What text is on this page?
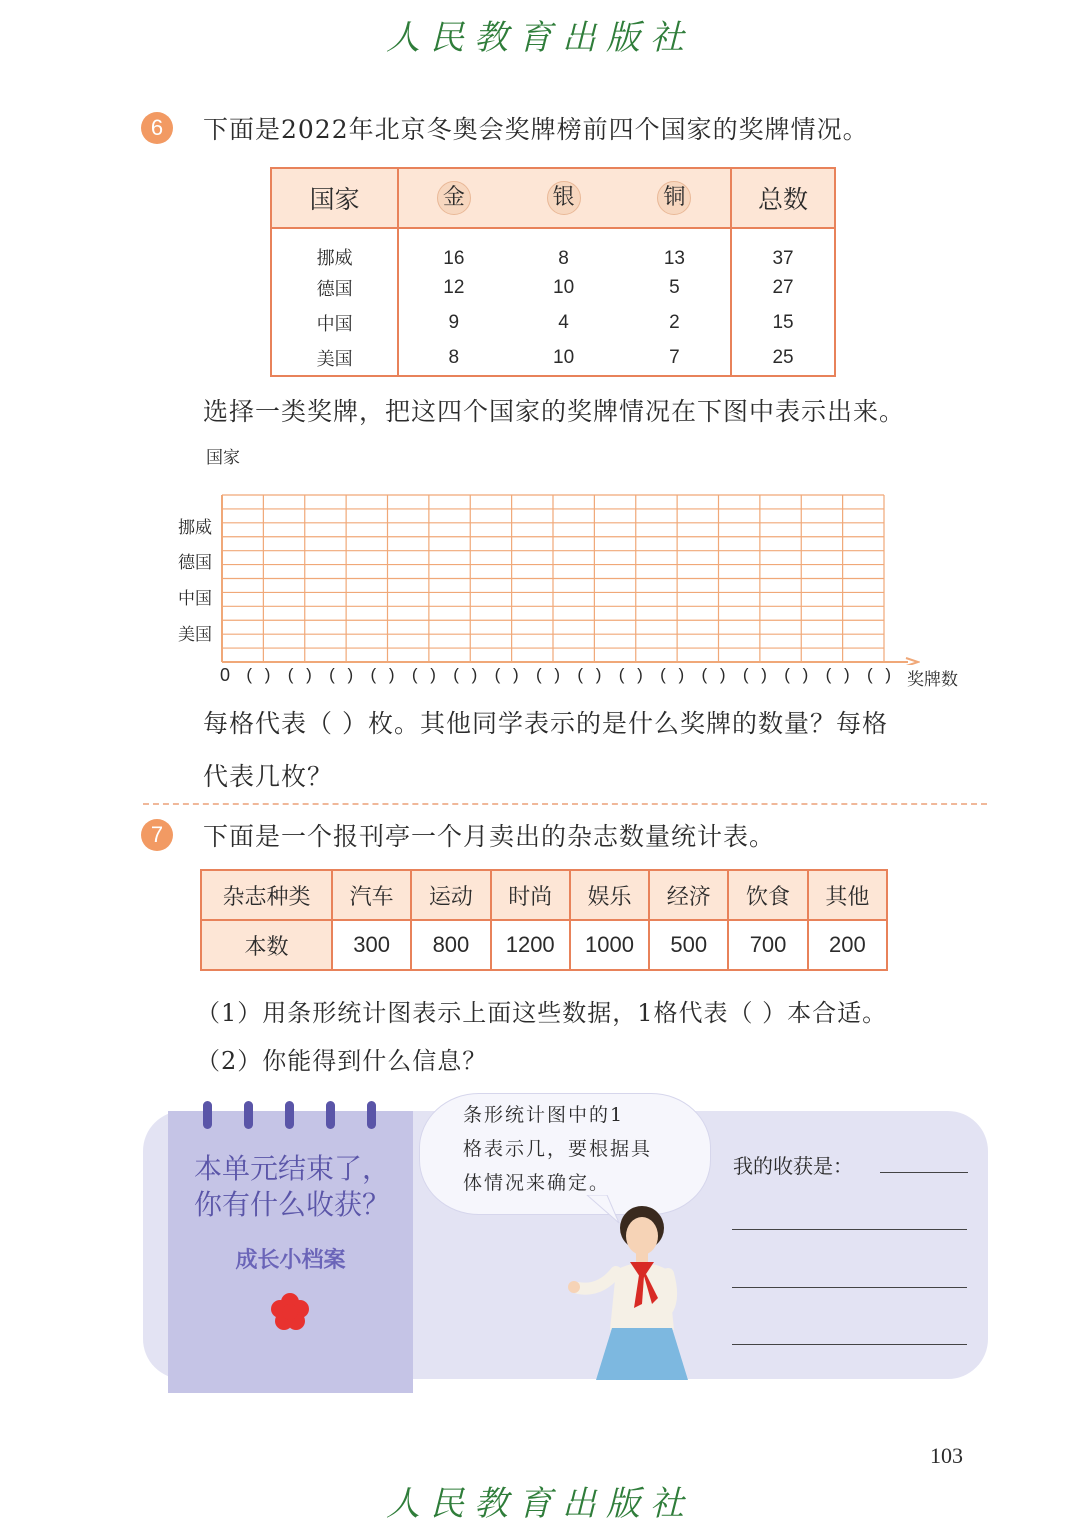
人民教育出版社
6	下面是2022年北京冬奥会奖牌榜前四个国家的奖牌情况。
国家	金	银	铜	总数
挪威	16	8	13	37
德国	12	10	5	27
中国	9	4	2	15
美国	8	10	7	25
选择一类奖牌，把这四个国家的奖牌情况在下图中表示出来。
国家
挪威
德国
中国
美国
0 ( ) ( ) ( ) ( ) ( ) ( ) ( ) ( ) ( ) ( ) ( ) ( ) ( ) ( ) ( ) ( ) 奖牌数
每格代表（ ）枚。其他同学表示的是什么奖牌的数量？每格
代表几枚？
7	下面是一个报刊亭一个月卖出的杂志数量统计表。
杂志种类	汽车	运动	时尚	娱乐	经济	饮食	其他
本数	300	800	1200	1000	500	700	200
（1）用条形统计图表示上面这些数据，1格代表（ ）本合适。
（2）你能得到什么信息？
本单元结束了，
你有什么收获？
成长小档案
条形统计图中的1
格表示几，要根据具
体情况来确定。
我的收获是：
103
人民教育出版社
